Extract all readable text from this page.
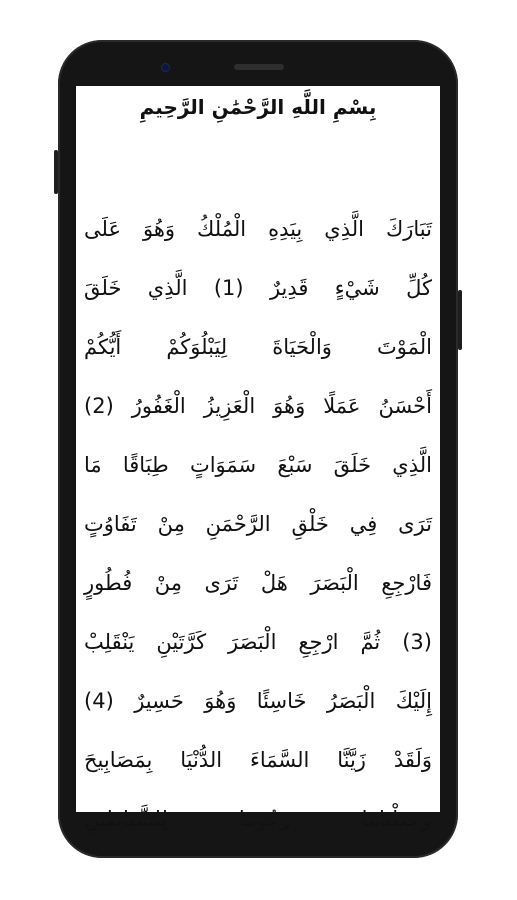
بِسْمِ اللَّهِ الرَّحْمَٰنِ الرَّحِيمِ
تَبَارَكَ الَّذِي بِيَدِهِ الْمُلْكُ وَهُوَ عَلَى
كُلِّ شَيْءٍ قَدِيرٌ (1) الَّذِي خَلَقَ
الْمَوْتَ وَالْحَيَاةَ لِيَبْلُوَكُمْ أَيُّكُمْ
أَحْسَنُ عَمَلًا وَهُوَ الْعَزِيزُ الْغَفُورُ (2)
الَّذِي خَلَقَ سَبْعَ سَمَوَاتٍ طِبَاقًا مَا
تَرَى فِي خَلْقِ الرَّحْمَنِ مِنْ تَفَاوُتٍ
فَارْجِعِ الْبَصَرَ هَلْ تَرَى مِنْ فُطُورٍ
(3) ثُمَّ ارْجِعِ الْبَصَرَ كَرَّتَيْنِ يَنْقَلِبْ
إِلَيْكَ الْبَصَرُ خَاسِئًا وَهُوَ حَسِيرٌ (4)
وَلَقَدْ زَيَّنَّا السَّمَاءَ الدُّنْيَا بِمَصَابِيحَ
